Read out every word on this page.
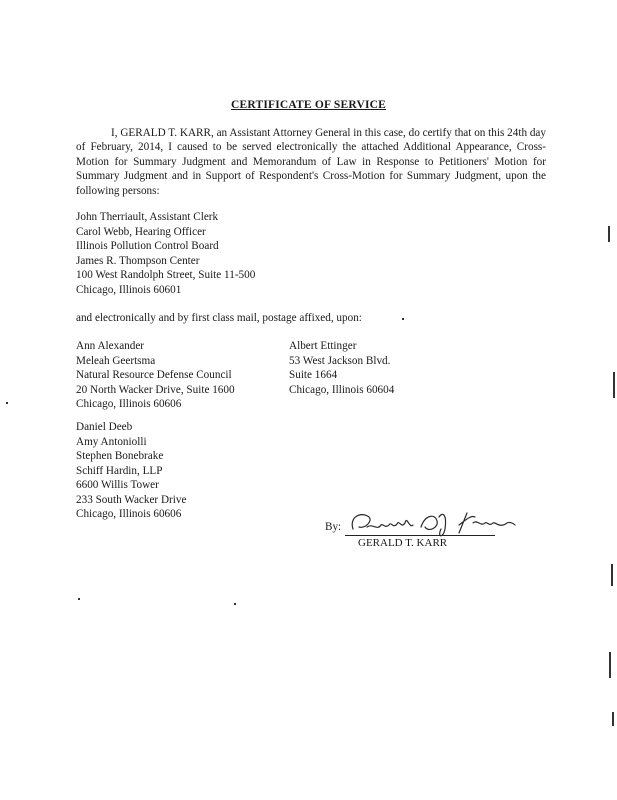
CERTIFICATE OF SERVICE
I, GERALD T. KARR, an Assistant Attorney General in this case, do certify that on this 24th day of February, 2014, I caused to be served electronically the attached Additional Appearance, Cross-Motion for Summary Judgment and Memorandum of Law in Response to Petitioners' Motion for Summary Judgment and in Support of Respondent's Cross-Motion for Summary Judgment, upon the following persons:
John Therriault, Assistant Clerk
Carol Webb, Hearing Officer
Illinois Pollution Control Board
James R. Thompson Center
100 West Randolph Street, Suite 11-500
Chicago, Illinois 60601
and electronically and by first class mail, postage affixed, upon:
Ann Alexander
Meleah Geertsma
Natural Resource Defense Council
20 North Wacker Drive, Suite 1600
Chicago, Illinois 60606
Albert Ettinger
53 West Jackson Blvd.
Suite 1664
Chicago, Illinois 60604
Daniel Deeb
Amy Antoniolli
Stephen Bonebrake
Schiff Hardin, LLP
6600 Willis Tower
233 South Wacker Drive
Chicago, Illinois 60606
By:
GERALD T. KARR
